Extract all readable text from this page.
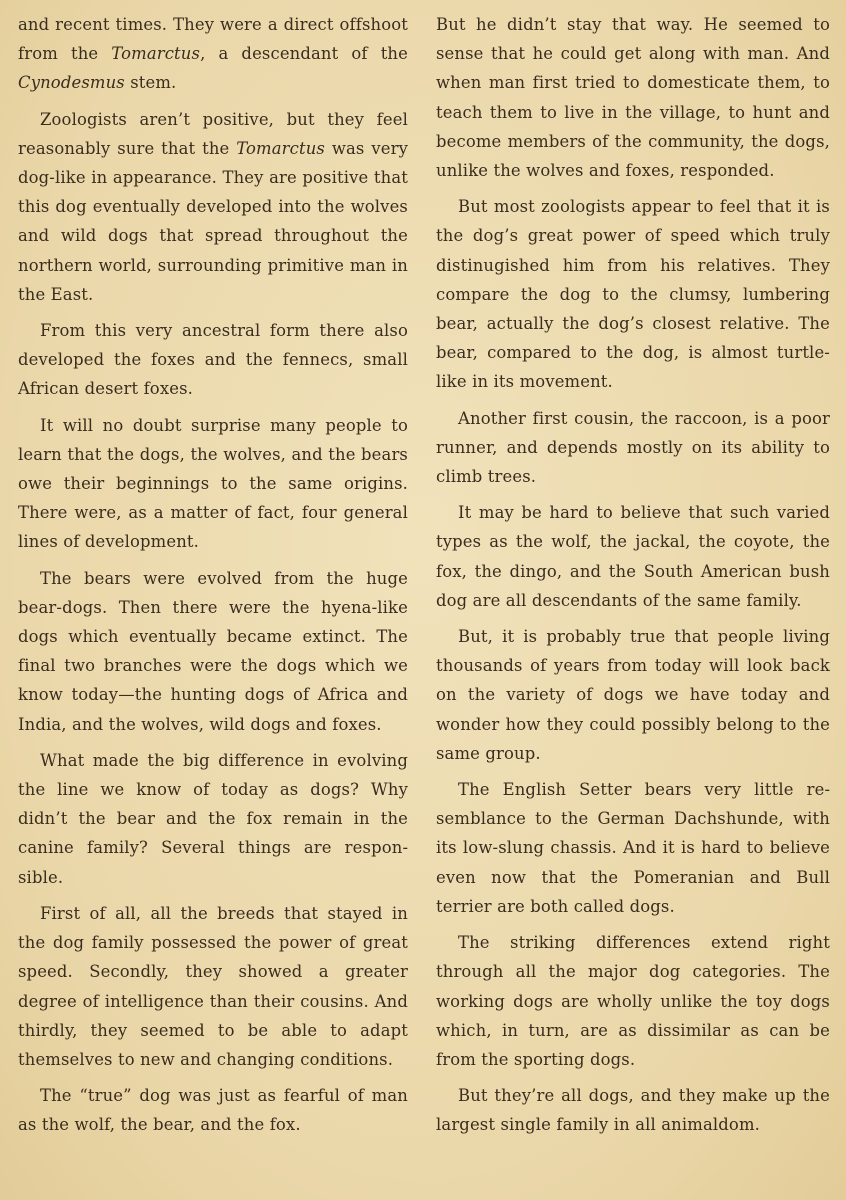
and recent times. They were a direct offshoot from the Tomarctus, a descendant of the Cynodesmus stem.

Zoologists aren’t positive, but they feel reasonably sure that the Tomarctus was very dog-like in appearance. They are positive that this dog eventually developed into the wolves and wild dogs that spread throughout the northern world, surrounding primitive man in the East.

From this very ancestral form there also developed the foxes and the fennecs, small African desert foxes.

It will no doubt surprise many people to learn that the dogs, the wolves, and the bears owe their beginnings to the same origins. There were, as a matter of fact, four general lines of development.

The bears were evolved from the huge bear-dogs. Then there were the hyena-like dogs which eventually became extinct. The final two branches were the dogs which we know today—the hunting dogs of Africa and India, and the wolves, wild dogs and foxes.

What made the big difference in evolving the line we know of today as dogs? Why didn’t the bear and the fox remain in the canine family? Several things are responsible.

First of all, all the breeds that stayed in the dog family possessed the power of great speed. Secondly, they showed a greater degree of intelligence than their cousins. And thirdly, they seemed to be able to adapt themselves to new and changing conditions.

The “true” dog was just as fearful of man as the wolf, the bear, and the fox.

But he didn’t stay that way. He seemed to sense that he could get along with man. And when man first tried to domesticate them, to teach them to live in the village, to hunt and become members of the community, the dogs, unlike the wolves and foxes, responded.

But most zoologists appear to feel that it is the dog’s great power of speed which truly distinugished him from his relatives. They compare the dog to the clumsy, lumbering bear, actually the dog’s closest relative. The bear, compared to the dog, is almost turtle-like in its movement.

Another first cousin, the raccoon, is a poor runner, and depends mostly on its ability to climb trees.

It may be hard to believe that such varied types as the wolf, the jackal, the coyote, the fox, the dingo, and the South American bush dog are all descendants of the same family.

But, it is probably true that people living thousands of years from today will look back on the variety of dogs we have today and wonder how they could possibly belong to the same group.

The English Setter bears very little resemblance to the German Dachshunde, with its low-slung chassis. And it is hard to believe even now that the Pomeranian and Bull terrier are both called dogs.

The striking differences extend right through all the major dog categories. The working dogs are wholly unlike the toy dogs which, in turn, are as dissimilar as can be from the sporting dogs.

But they’re all dogs, and they make up the largest single family in all animaldom.
